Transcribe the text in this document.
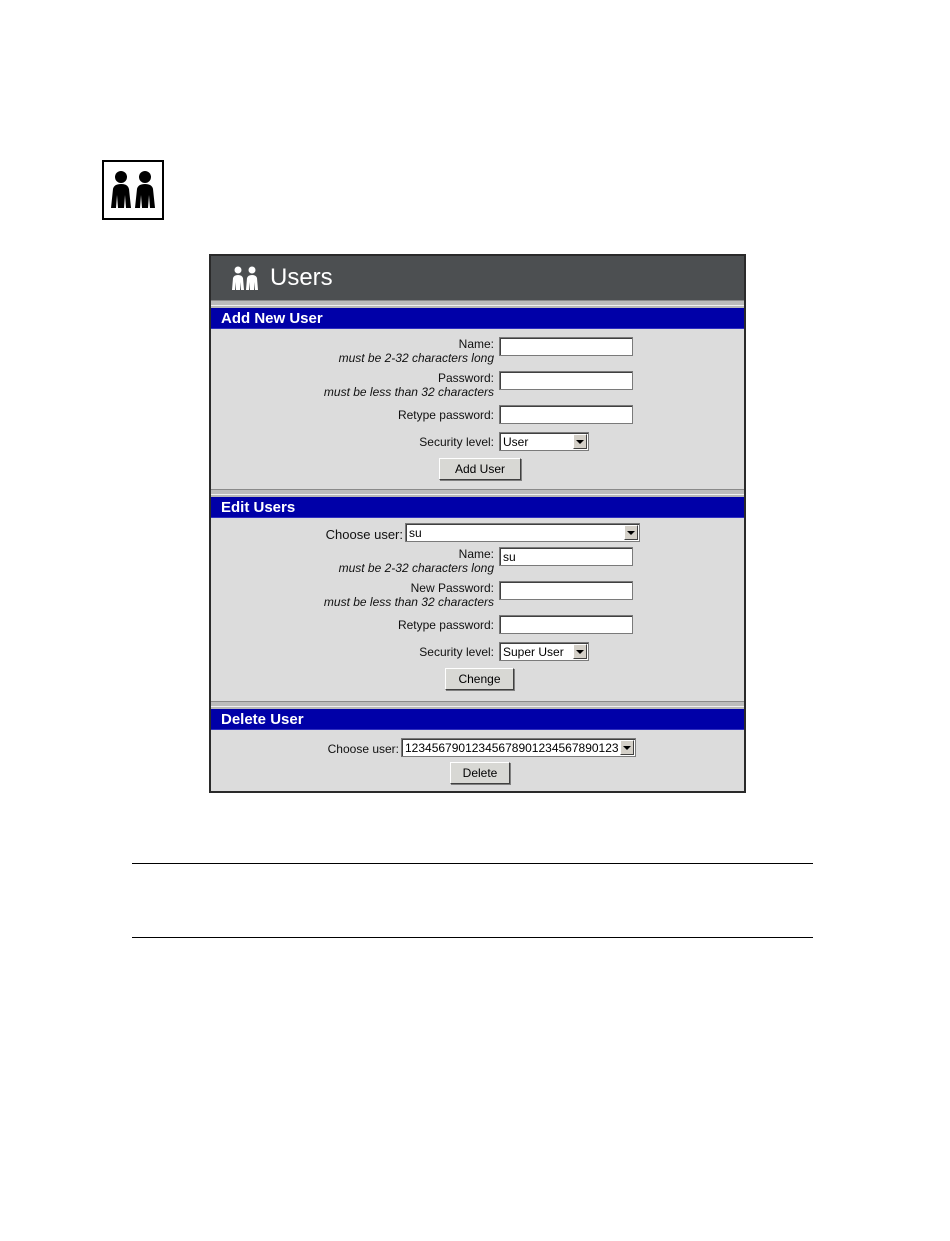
Users
Add New User
Name:
must be 2-32 characters long
Password:
must be less than 32 characters
Retype password:
Security level: User
Add User
Edit Users
Choose user: su
Name:
must be 2-32 characters long
su
New Password:
must be less than 32 characters
Retype password:
Security level: Super User
Chenge
Delete User
Choose user: 12345679012345678901234567890123
Delete
